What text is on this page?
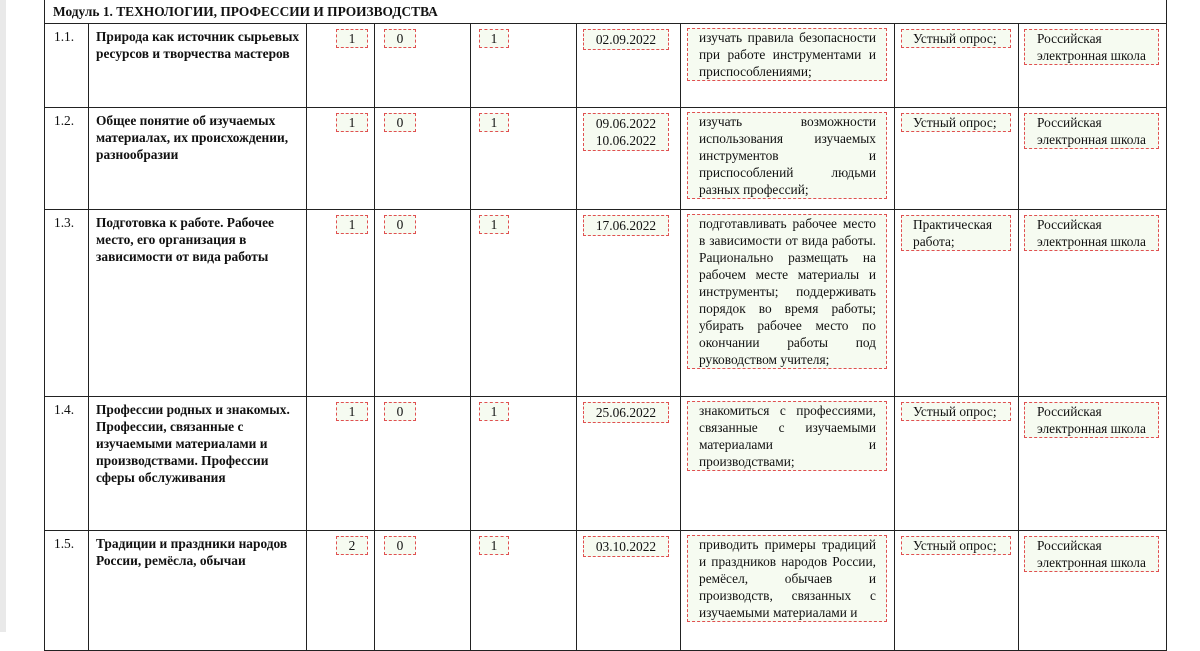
Модуль 1. ТЕХНОЛОГИИ, ПРОФЕССИИ И ПРОИЗВОДСТВА								
1.1.	Природа как источник сырьевых ресурсов и творчества мастеров	1	0	1	02.09.2022	изучать правила безопасности при работе инструментами и приспособлениями;	Устный опрос;	Российская электронная школа
1.2.	Общее понятие об изучаемых материалах, их происхождении, разнообразии	1	0	1	09.06.2022 10.06.2022	изучать возможности использования изучаемых инструментов и приспособлений людьми разных профессий;	Устный опрос;	Российская электронная школа
1.3.	Подготовка к работе. Рабочее место, его организация в зависимости от вида работы	1	0	1	17.06.2022	подготавливать рабочее место в зависимости от вида работы. Рационально размещать на рабочем месте материалы и инструменты; поддерживать порядок во время работы; убирать рабочее место по окончании работы под руководством учителя;	Практическая работа;	Российская электронная школа
1.4.	Профессии родных и знакомых. Профессии, связанные с изучаемыми материалами и производствами. Профессии сферы обслуживания	1	0	1	25.06.2022	знакомиться с профессиями, связанные с изучаемыми материалами и производствами;	Устный опрос;	Российская электронная школа
1.5.	Традиции и праздники народов России, ремёсла, обычаи	2	0	1	03.10.2022	приводить примеры традиций и праздников народов России, ремёсел, обычаев и производств, связанных с изучаемыми материалами и	Устный опрос;	Российская электронная школа
